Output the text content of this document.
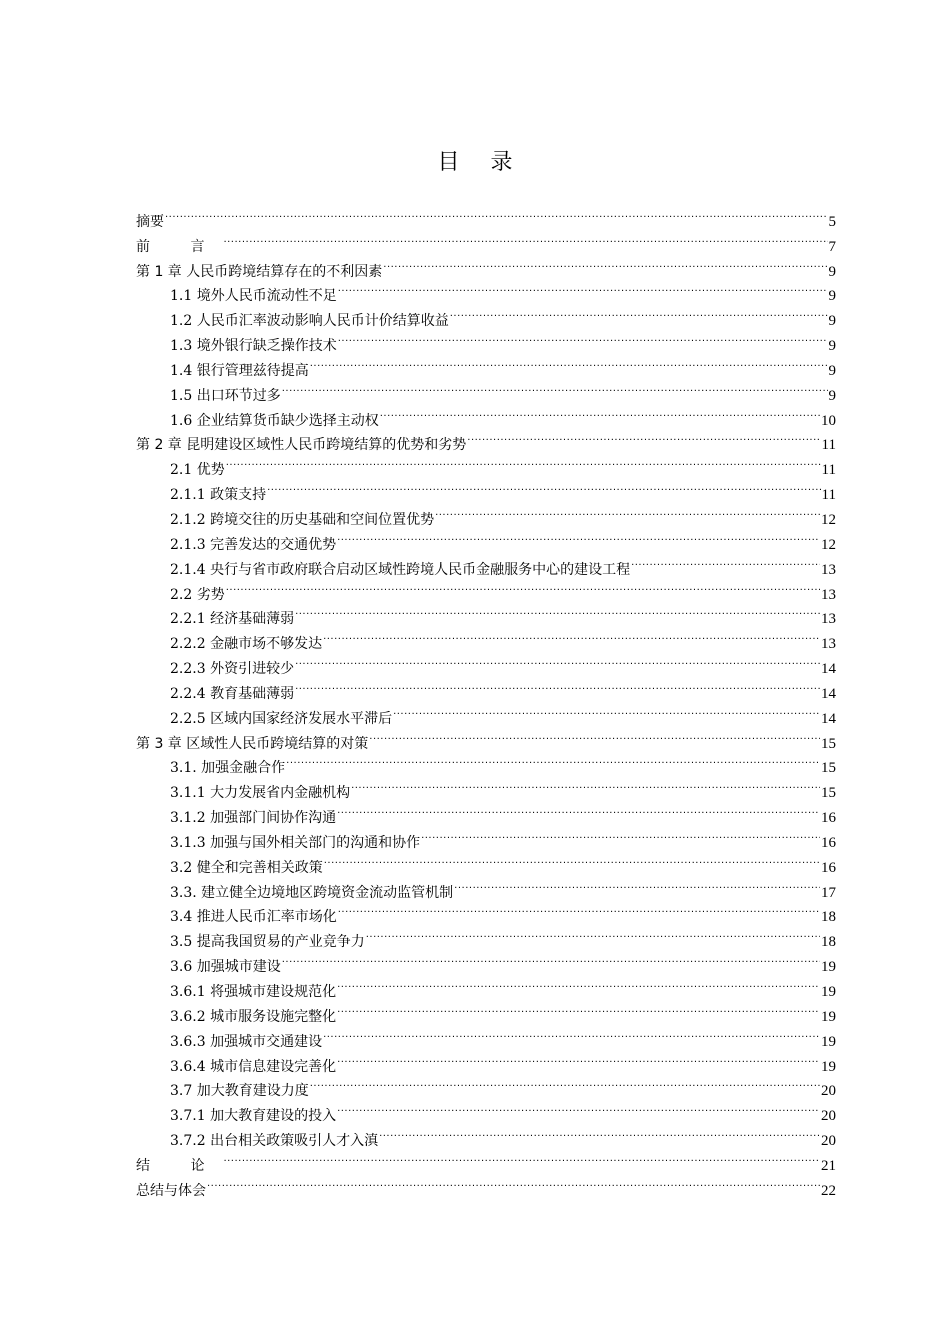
目 录
摘要 .....	5
前 言 .....	7
第 1 章 人民币跨境结算存在的不利因素 .....	9
1.1 境外人民币流动性不足 .....	9
1.2 人民币汇率波动影响人民币计价结算收益 .....	9
1.3 境外银行缺乏操作技术 .....	9
1.4 银行管理兹待提高 .....	9
1.5 出口环节过多 .....	9
1.6 企业结算货币缺少选择主动权 .....	10
第 2 章 昆明建设区域性人民币跨境结算的优势和劣势 .....	11
2.1 优势 .....	11
2.1.1 政策支持 .....	11
2.1.2 跨境交往的历史基础和空间位置优势 .....	12
2.1.3 完善发达的交通优势 .....	12
2.1.4 央行与省市政府联合启动区域性跨境人民币金融服务中心的建设工程 .....	13
2.2 劣势 .....	13
2.2.1 经济基础薄弱 .....	13
2.2.2 金融市场不够发达 .....	13
2.2.3 外资引进较少 .....	14
2.2.4 教育基础薄弱 .....	14
2.2.5 区域内国家经济发展水平滞后 .....	14
第 3 章 区域性人民币跨境结算的对策 .....	15
3.1. 加强金融合作 .....	15
3.1.1 大力发展省内金融机构 .....	15
3.1.2 加强部门间协作沟通 .....	16
3.1.3 加强与国外相关部门的沟通和协作 .....	16
3.2 健全和完善相关政策 .....	16
3.3. 建立健全边境地区跨境资金流动监管机制 .....	17
3.4 推进人民币汇率市场化 .....	18
3.5 提高我国贸易的产业竞争力 .....	18
3.6 加强城市建设 .....	19
3.6.1 将强城市建设规范化 .....	19
3.6.2 城市服务设施完整化 .....	19
3.6.3 加强城市交通建设 .....	19
3.6.4 城市信息建设完善化 .....	19
3.7 加大教育建设力度 .....	20
3.7.1 加大教育建设的投入 .....	20
3.7.2 出台相关政策吸引人才入滇 .....	20
结 论 .....	21
总结与体会 .....	22
